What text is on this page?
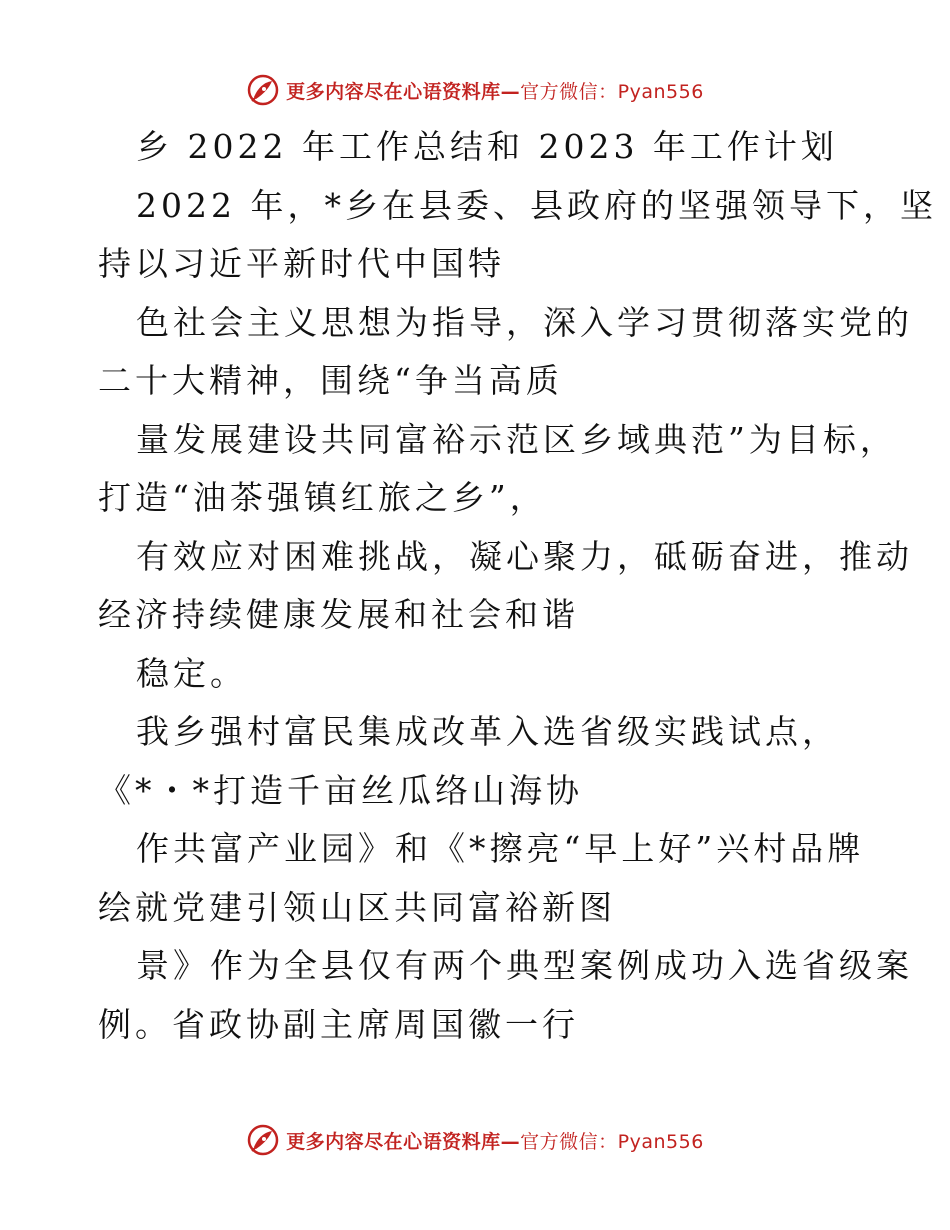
更多内容尽在心语资料库—官方微信：Pyan556
乡 2022 年工作总结和 2023 年工作计划
2022 年，*乡在县委、县政府的坚强领导下，坚
持以习近平新时代中国特
色社会主义思想为指导，深入学习贯彻落实党的
二十大精神，围绕“争当高质
量发展建设共同富裕示范区乡域典范”为目标，
打造“油茶强镇红旅之乡”，
有效应对困难挑战，凝心聚力，砥砺奋进，推动
经济持续健康发展和社会和谐
稳定。
我乡强村富民集成改革入选省级实践试点，
《*・*打造千亩丝瓜络山海协
作共富产业园》和《*擦亮“早上好”兴村品牌
绘就党建引领山区共同富裕新图
景》作为全县仅有两个典型案例成功入选省级案
例。省政协副主席周国徽一行
更多内容尽在心语资料库—官方微信：Pyan556
